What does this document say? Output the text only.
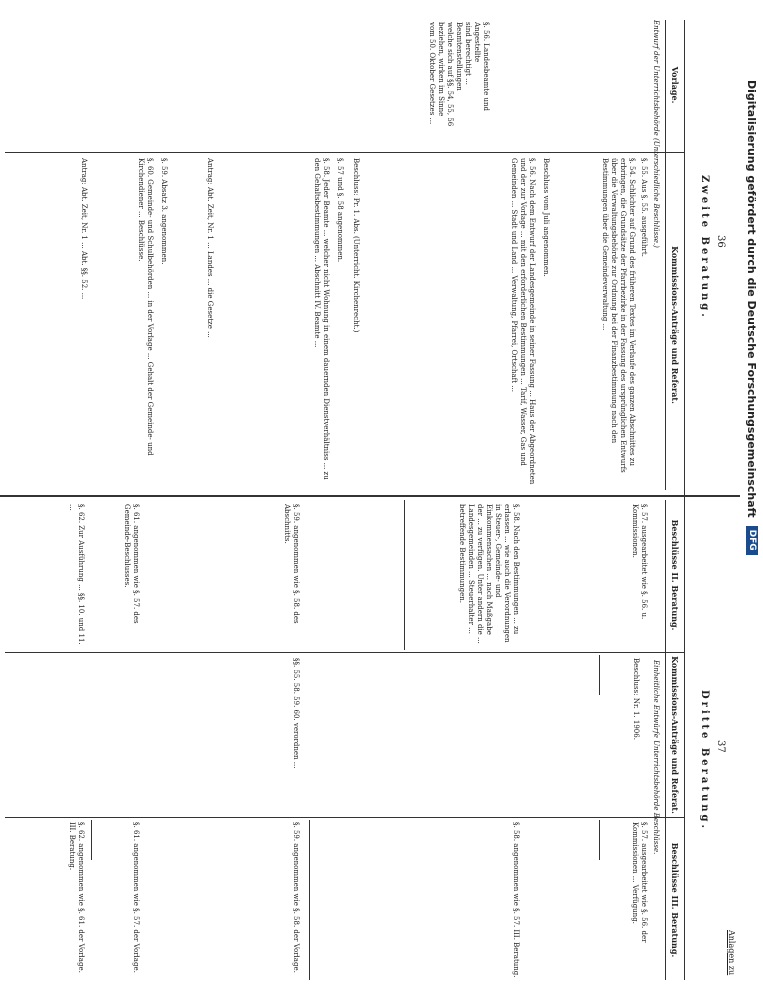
36
Zweite Beratung.
Vorlage.
Kommissions-Anträge und Referat.
Entwurf der Unterrichtsbehörde (Unterschiedliche Beschlüsse.)
§. 56. Landesbeamte und Angestellte
sind berechtigt ... Beamtenstellungen
welche sich auf §§. 54, 55, 56
beziehen, wirken im Sinne
vom 50. Oktober Gesetzes ...
§. 55. Aus §. 55. ausgeführt.
§. 54. Schlichter auf Grund des früheren Textes im Verlaufe des ganzen Abschnittes zu erbringen, die Grundsätze der Pfarrbezirke in der Fassung des ursprünglichen Entwurfs über die Verwaltungsbehörde zur Ordnung bei der Finanzbestimmung nach den Bestimmungen über die Gemeindeverwaltung ...
Beschluss vom Juli angenommen.
§. 56. Nach dem Entwurf der Landesgemeinde in seiner Fassung ... Haus der Abgeordneten und der zur Vorlage ... mit den erforderlichen Bestimmungen ... Tarif, Wasser, Gas und Gemeinden ... Stadt und Land ... Verwaltung, Pfarrei, Ortschaft ...
Beschluss: Pr. 1. Abs. (Unterricht. Kirchenrecht.)
§. 57 und §. 58 angenommen.
§. 58. Jeder Beamte ... welcher nicht Wohnung in einem dauernden Dienstverhältniss ... zu den Gehaltsbestimmungen ... Abschnitt IV. Beamte ...
Antrag: Abt. Zeit, Nr. 1 ... Landes ... die Gesetze ...
§. 59. Absatz 3. angenommen.
§. 60. Gemeinde- und Schulbehörden ... in der Vorlage ... Gehalt der Gemeinde- und Kirchendiener ... Beschlüsse.
Antrag: Abt. Zeit, Nr. 1 ... Abt. §§. 52. ...
37
Dritte Beratung.
Anlagen zu
Beschlüsse II. Beratung.
Kommissions-Anträge und Referat.
Beschlüsse III. Beratung.
Einheitliche Entwürfe Unterrichtsbehörde Beschlüsse.
§. 57. ausgearbeitet wie §. 56. u. Kommissionen.
Beschluss: Nr. 1. 1906.
§. 57. ausgearbeitet wie §. 56. der Kommissionen ... Verfügung.
§. 58. Nach den Bestimmungen ... zu erlassen ... wie auch die Verordnungen in Steuer-, Gemeinde- und Einkommensachen ... nach Maßgabe der ... zu verfügen. Unter andern die ... Landesgemeinden ... Steuerhalter ... betreffende Bestimmungen.
§. 58. angenommen wie §. 57. III. Beratung.
§. 59. angenommen wie §. 58. des Abschnitts.
§§. 55. 58. 59. 60. verordnen ...
§. 59. angenommen wie §. 58. der Vorlage.
§. 61. angenommen wie §. 57. des Gemeinde-Beschlusses.
§. 61. angenommen wie §. 57. der Vorlage.
§. 62. Zur Ausführung ... §§. 10. und 11. ...
§. 62. angenommen wie §. 61. der Vorlage. III. Beratung.
Digitalisierung gefördert durch die Deutsche Forschungsgemeinschaft
DFG
